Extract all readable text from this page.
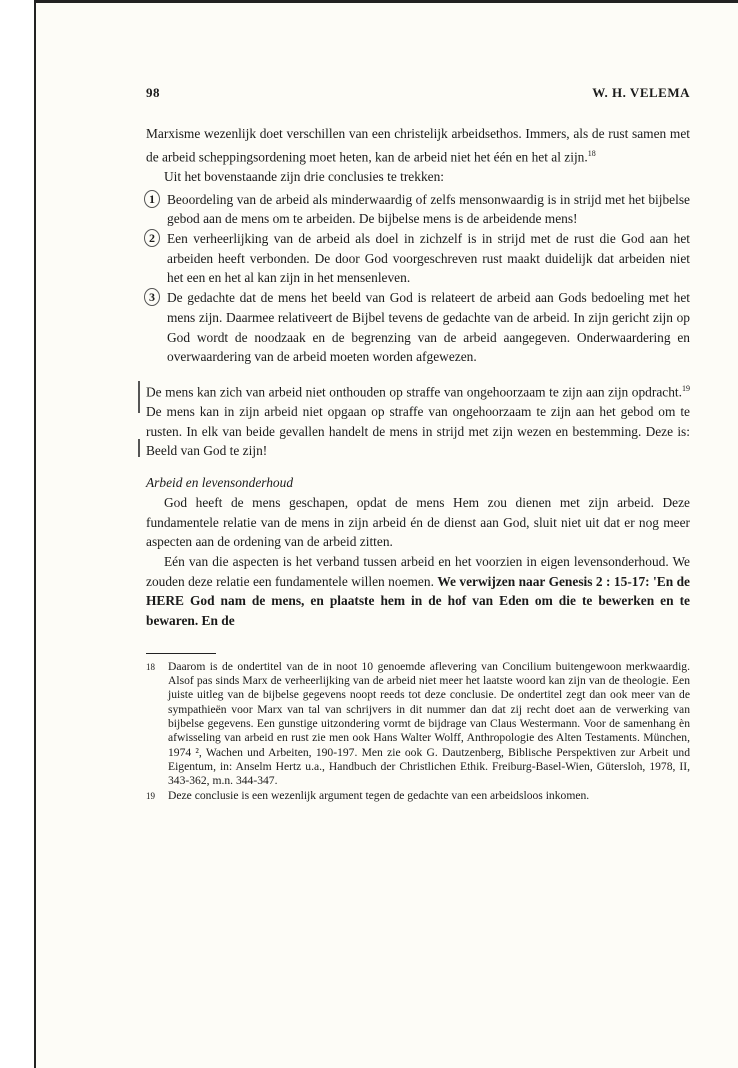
98	W. H. VELEMA

Marxisme wezenlijk doet verschillen van een christelijk arbeidsethos. Immers, als de rust samen met de arbeid scheppingsordening moet heten, kan de arbeid niet het één en het al zijn.$^{18}$

Uit het bovenstaande zijn drie conclusies te trekken:

1 Beoordeling van de arbeid als minderwaardig of zelfs mensonwaardig is in strijd met het bijbelse gebod aan de mens om te arbeiden. De bijbelse mens is de arbeidende mens!
2 Een verheerlijking van de arbeid als doel in zichzelf is in strijd met de rust die God aan het arbeiden heeft verbonden. De door God voorgeschreven rust maakt duidelijk dat arbeiden niet het een en het al kan zijn in het mensenleven.
3 De gedachte dat de mens het beeld van God is relateert de arbeid aan Gods bedoeling met het mens zijn. Daarmee relativeert de Bijbel tevens de gedachte van de arbeid. In zijn gericht zijn op God wordt de noodzaak en de begrenzing van de arbeid aangegeven. Onderwaardering en overwaardering van de arbeid moeten worden afgewezen.

De mens kan zich van arbeid niet onthouden op straffe van ongehoorzaam te zijn aan zijn opdracht.$^{19}$ De mens kan in zijn arbeid niet opgaan op straffe van ongehoorzaam te zijn aan het gebod om te rusten. In elk van beide gevallen handelt de mens in strijd met zijn wezen en bestemming. Deze is: Beeld van God te zijn!

Arbeid en levensonderhoud

God heeft de mens geschapen, opdat de mens Hem zou dienen met zijn arbeid. Deze fundamentele relatie van de mens in zijn arbeid én de dienst aan God, sluit niet uit dat er nog meer aspecten aan de ordening van de arbeid zitten.

Eén van die aspecten is het verband tussen arbeid en het voorzien in eigen levensonderhoud. We zouden deze relatie een fundamentele willen noemen. We verwijzen naar Genesis 2 : 15-17: 'En de HERE God nam de mens, en plaatste hem in de hof van Eden om die te bewerken en te bewaren. En de

18 Daarom is de ondertitel van de in noot 10 genoemde aflevering van Concilium buitengewoon merkwaardig. Alsof pas sinds Marx de verheerlijking van de arbeid niet meer het laatste woord kan zijn van de theologie. Een juiste uitleg van de bijbelse gegevens noopt reeds tot deze conclusie. De ondertitel zegt dan ook meer van de sympathieën voor Marx van tal van schrijvers in dit nummer dan dat zij recht doet aan de verwerking van bijbelse gegevens. Een gunstige uitzondering vormt de bijdrage van Claus Westermann. Voor de samenhang èn afwisseling van arbeid en rust zie men ook Hans Walter Wolff, Anthropologie des Alten Testaments. München, 1974 ², Wachen und Arbeiten, 190-197. Men zie ook G. Dautzenberg, Biblische Perspektiven zur Arbeit und Eigentum, in: Anselm Hertz u.a., Handbuch der Christlichen Ethik. Freiburg-Basel-Wien, Gütersloh, 1978, II, 343-362, m.n. 344-347.
19 Deze conclusie is een wezenlijk argument tegen de gedachte van een arbeidsloos inkomen.
